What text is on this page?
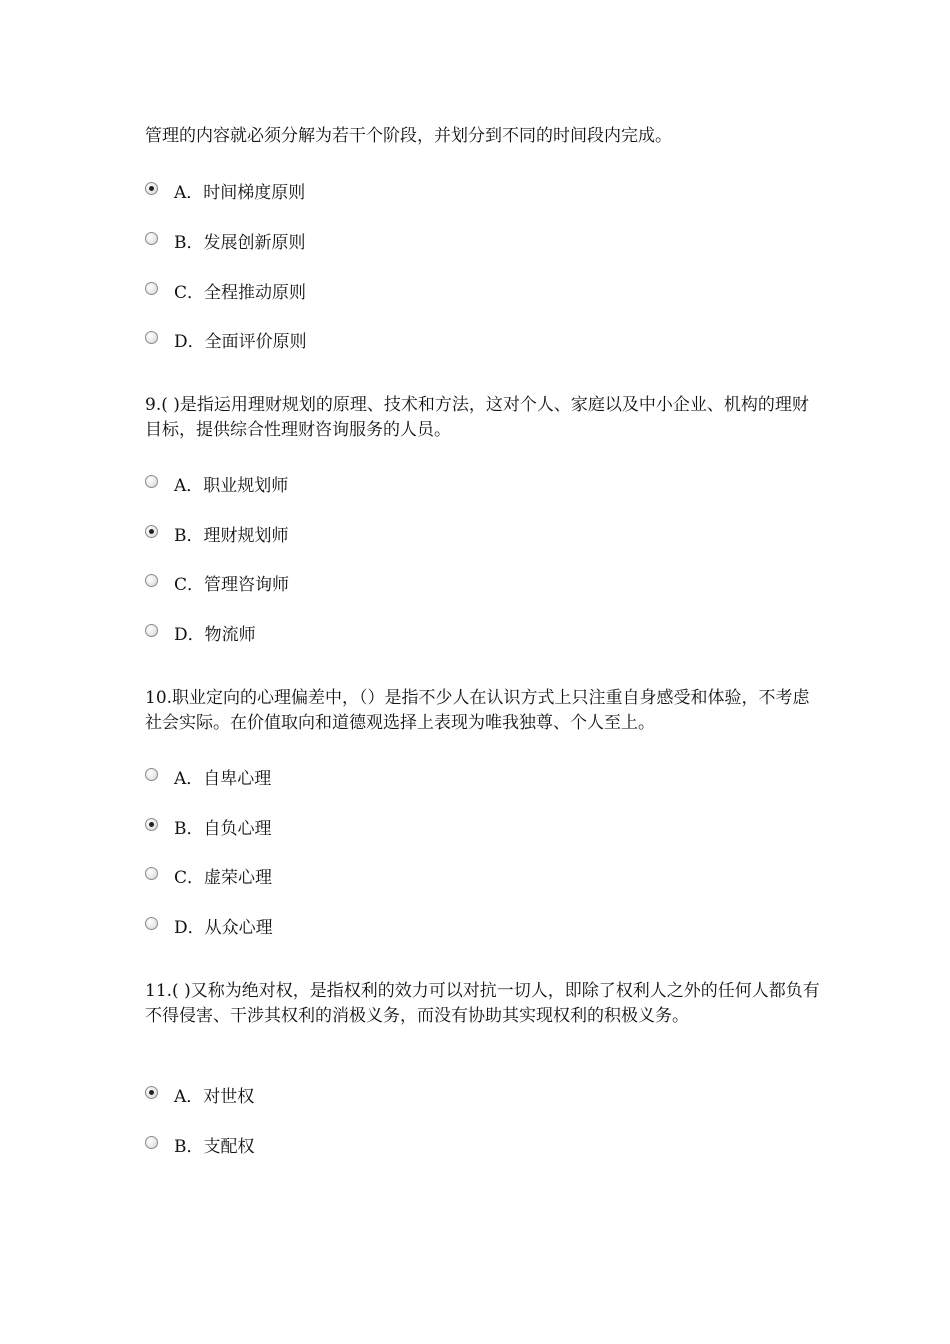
管理的内容就必须分解为若干个阶段，并划分到不同的时间段内完成。
A．时间梯度原则
B．发展创新原则
C．全程推动原则
D．全面评价原则
9.( )是指运用理财规划的原理、技术和方法，这对个人、家庭以及中小企业、机构的理财目标，提供综合性理财咨询服务的人员。
A．职业规划师
B．理财规划师
C．管理咨询师
D．物流师
10.职业定向的心理偏差中，（）是指不少人在认识方式上只注重自身感受和体验，不考虑社会实际。在价值取向和道德观选择上表现为唯我独尊、个人至上。
A．自卑心理
B．自负心理
C．虚荣心理
D．从众心理
11.( )又称为绝对权，是指权利的效力可以对抗一切人，即除了权利人之外的任何人都负有不得侵害、干涉其权利的消极义务，而没有协助其实现权利的积极义务。
A．对世权
B．支配权
